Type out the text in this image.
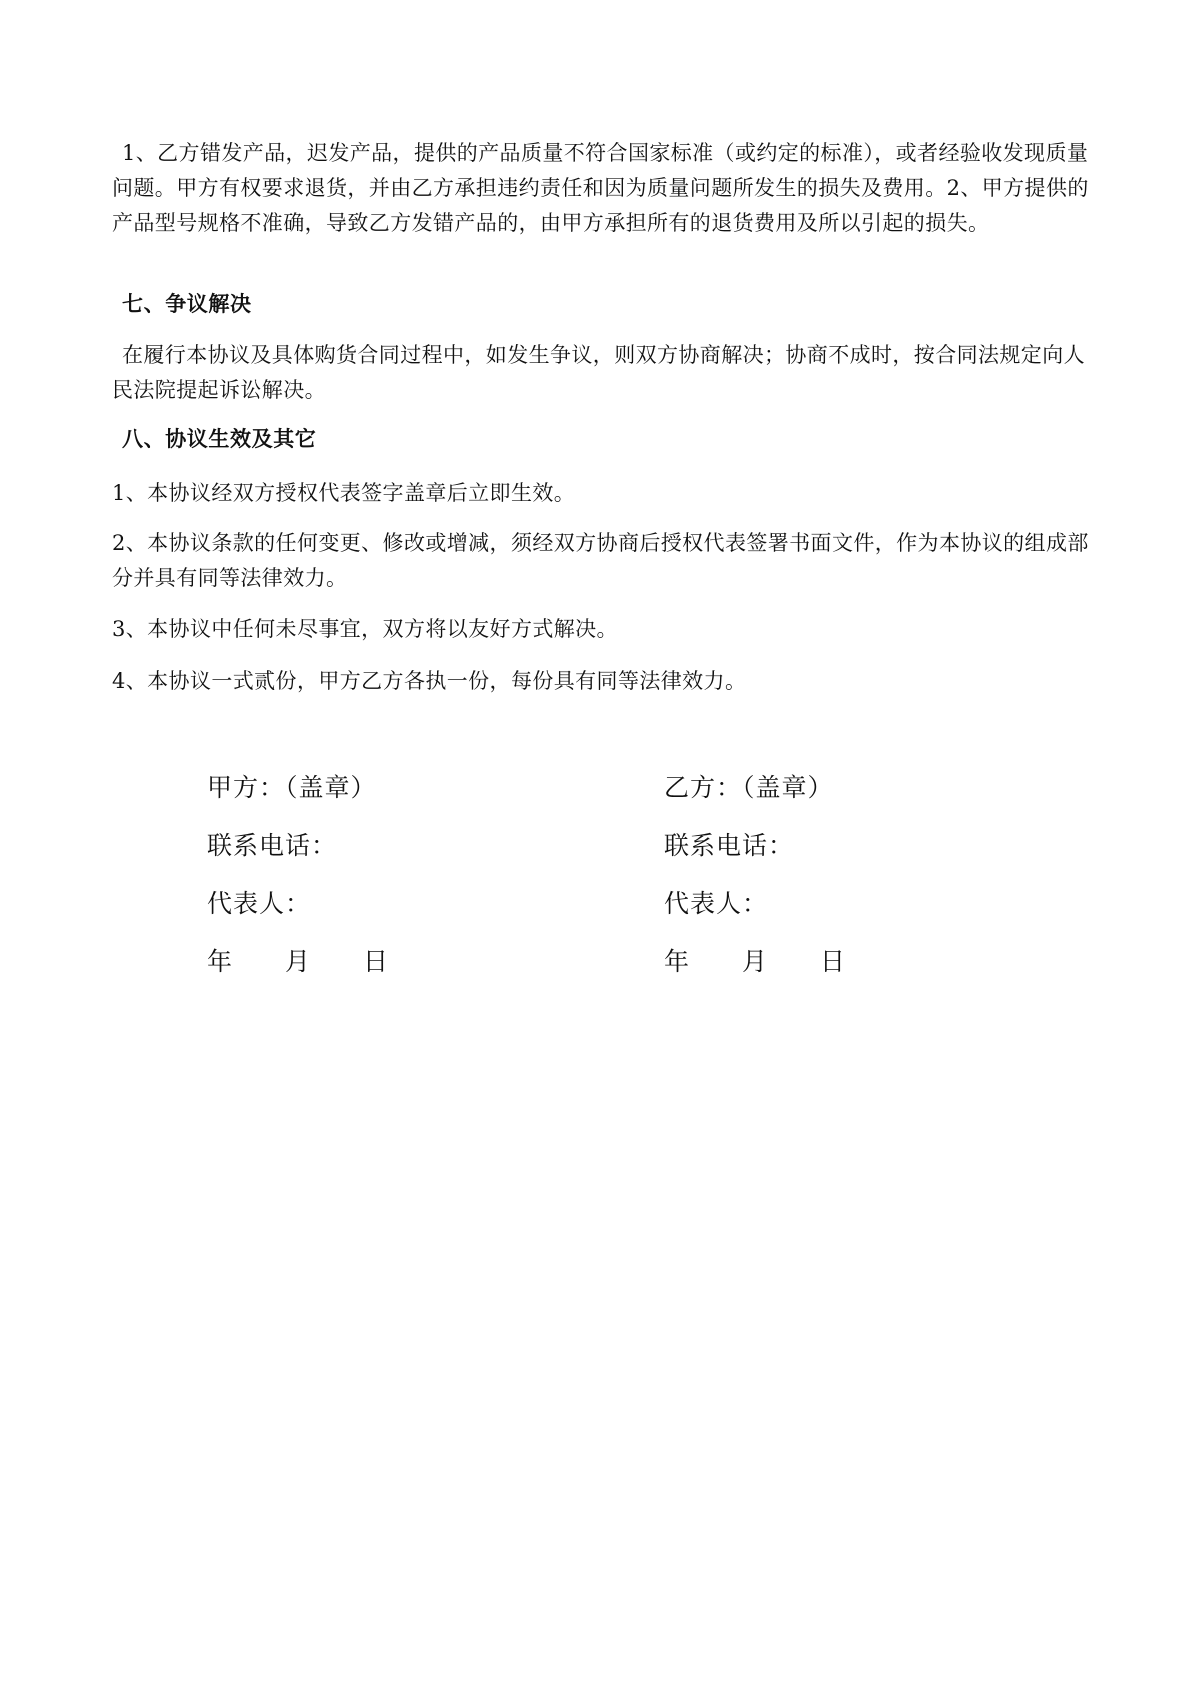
1、乙方错发产品，迟发产品，提供的产品质量不符合国家标准（或约定的标准），或者经验收发现质量问题。甲方有权要求退货，并由乙方承担违约责任和因为质量问题所发生的损失及费用。2、甲方提供的产品型号规格不准确，导致乙方发错产品的，由甲方承担所有的退货费用及所以引起的损失。

七、争议解决

在履行本协议及具体购货合同过程中，如发生争议，则双方协商解决；协商不成时，按合同法规定向人民法院提起诉讼解决。

八、协议生效及其它

1、本协议经双方授权代表签字盖章后立即生效。

2、本协议条款的任何变更、修改或增减，须经双方协商后授权代表签署书面文件，作为本协议的组成部分并具有同等法律效力。

3、本协议中任何未尽事宜，双方将以友好方式解决。

4、本协议一式贰份，甲方乙方各执一份，每份具有同等法律效力。

甲方：（盖章）

联系电话：

代表人：

年　　月　　日

乙方：（盖章）

联系电话：

代表人：

年　　月　　日
